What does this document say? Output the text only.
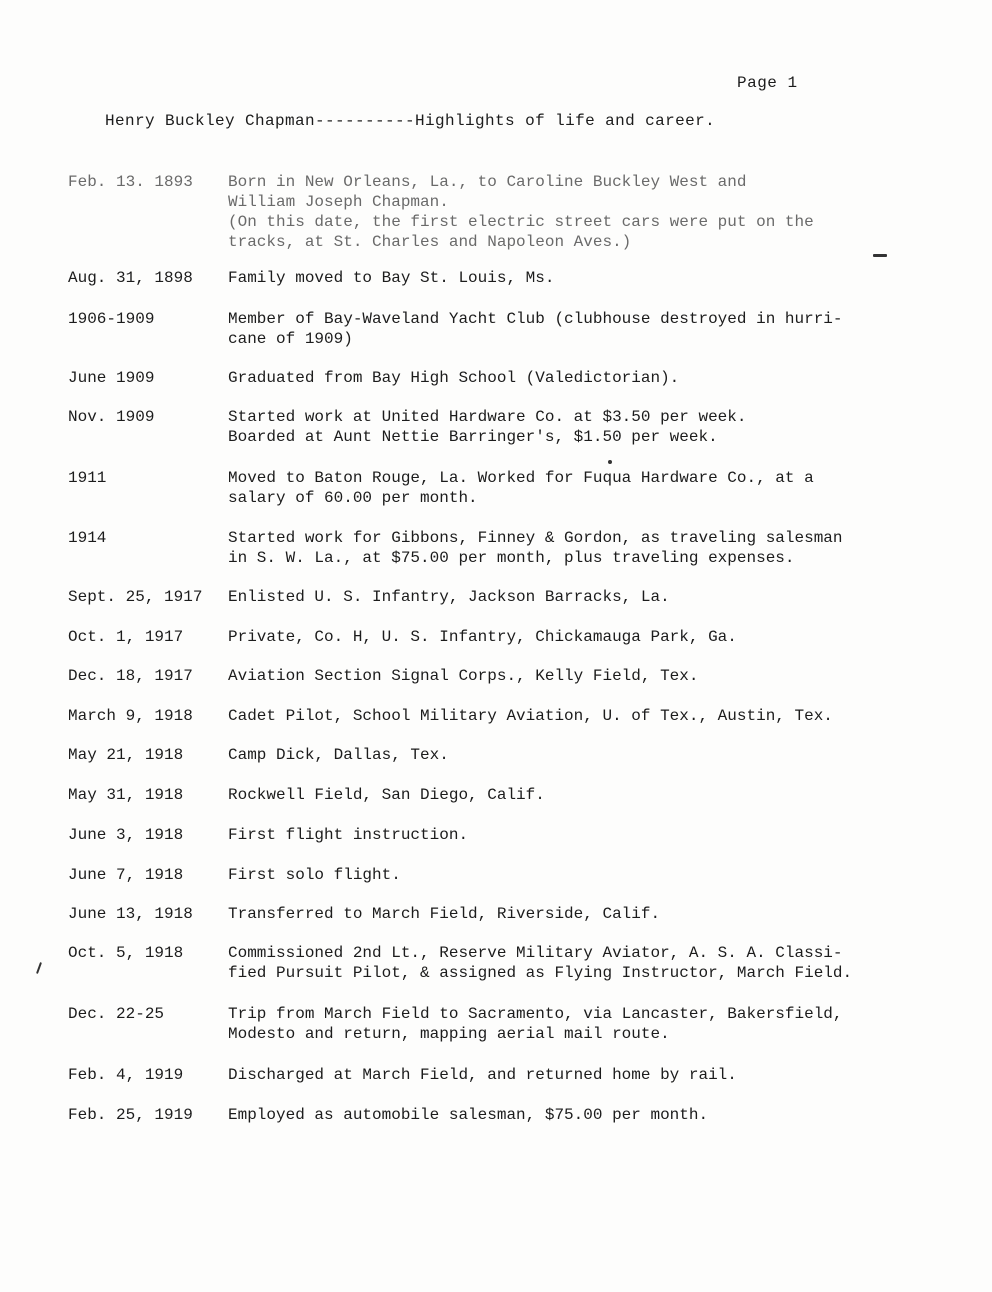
Page 1
Henry Buckley Chapman----------Highlights of life and career.
Feb. 13. 1893	Born in New Orleans, La., to Caroline Buckley West and
William Joseph Chapman.
(On this date, the first electric street cars were put on the
tracks, at St. Charles and Napoleon Aves.)
Aug. 31, 1898	Family moved to Bay St. Louis, Ms.
1906-1909	Member of Bay-Waveland Yacht Club (clubhouse destroyed in hurri-
cane of 1909)
June 1909	Graduated from Bay High School (Valedictorian).
Nov. 1909	Started work at United Hardware Co. at $3.50 per week.
Boarded at Aunt Nettie Barringer's, $1.50 per week.
1911	Moved to Baton Rouge, La. Worked for Fuqua Hardware Co., at a
salary of 60.00 per month.
1914	Started work for Gibbons, Finney & Gordon, as traveling salesman
in S. W. La., at $75.00 per month, plus traveling expenses.
Sept. 25, 1917	Enlisted U. S. Infantry, Jackson Barracks, La.
Oct. 1, 1917	Private, Co. H, U. S. Infantry, Chickamauga Park, Ga.
Dec. 18, 1917	Aviation Section Signal Corps., Kelly Field, Tex.
March 9, 1918	Cadet Pilot, School Military Aviation, U. of Tex., Austin, Tex.
May 21, 1918	Camp Dick, Dallas, Tex.
May 31, 1918	Rockwell Field, San Diego, Calif.
June 3, 1918	First flight instruction.
June 7, 1918	First solo flight.
June 13, 1918	Transferred to March Field, Riverside, Calif.
Oct. 5, 1918	Commissioned 2nd Lt., Reserve Military Aviator, A. S. A. Classi-
fied Pursuit Pilot, & assigned as Flying Instructor, March Field.
Dec. 22-25	Trip from March Field to Sacramento, via Lancaster, Bakersfield,
Modesto and return, mapping aerial mail route.
Feb. 4, 1919	Discharged at March Field, and returned home by rail.
Feb. 25, 1919	Employed as automobile salesman, $75.00 per month.
